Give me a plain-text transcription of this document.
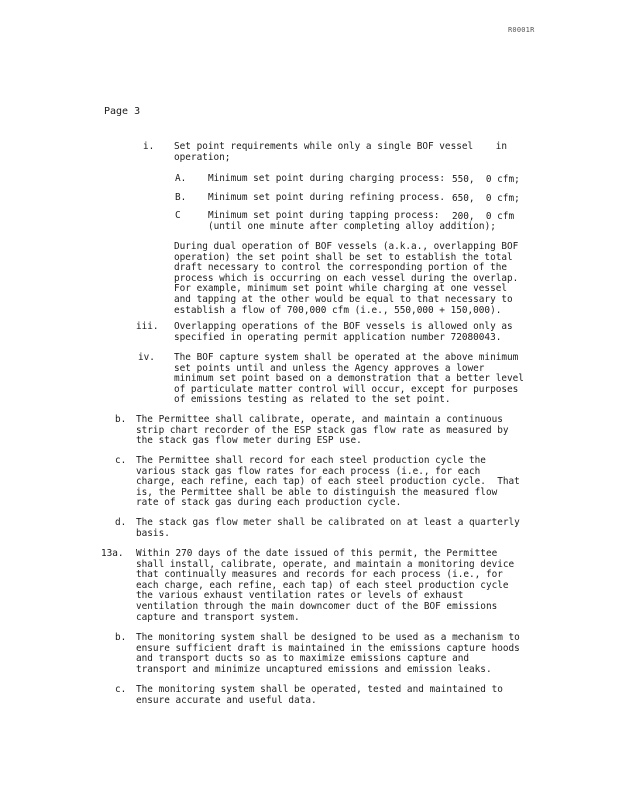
R0001R
Page 3
i. Set point requirements while only a single BOF vessel    in
operation;
A. Minimum set point during charging process: 550,  0 cfm;
B. Minimum set point during refining process. 650,  0 cfm;
C	Minimum set point during tapping process: 200,  0 cfm
(until one minute after completing alloy addition);
During dual operation of BOF vessels (a.k.a., overlapping BOF
operation) the set point shall be set to establish the total
draft necessary to control the corresponding portion of the
process which is occurring on each vessel during the overlap.
For example, minimum set point while charging at one vessel
and tapping at the other would be equal to that necessary to
establish a flow of 700,000 cfm (i.e., 550,000 + 150,000).
iii. Overlapping operations of the BOF vessels is allowed only as
specified in operating permit application number 72080043.
iv. The BOF capture system shall be operated at the above minimum
set points until and unless the Agency approves a lower
minimum set point based on a demonstration that a better level
of particulate matter control will occur, except for purposes
of emissions testing as related to the set point.
b. The Permittee shall calibrate, operate, and maintain a continuous
strip chart recorder of the ESP stack gas flow rate as measured by
the stack gas flow meter during ESP use.
c. The Permittee shall record for each steel production cycle the
various stack gas flow rates for each process (i.e., for each
charge, each refine, each tap) of each steel production cycle.  That
is, the Permittee shall be able to distinguish the measured flow
rate of stack gas during each production cycle.
d. The stack gas flow meter shall be calibrated on at least a quarterly
basis.
13a. Within 270 days of the date issued of this permit, the Permittee
shall install, calibrate, operate, and maintain a monitoring device
that continually measures and records for each process (i.e., for
each charge, each refine, each tap) of each steel production cycle
the various exhaust ventilation rates or levels of exhaust
ventilation through the main downcomer duct of the BOF emissions
capture and transport system.
b. The monitoring system shall be designed to be used as a mechanism to
ensure sufficient draft is maintained in the emissions capture hoods
and transport ducts so as to maximize emissions capture and
transport and minimize uncaptured emissions and emission leaks.
c. The monitoring system shall be operated, tested and maintained to
ensure accurate and useful data.
